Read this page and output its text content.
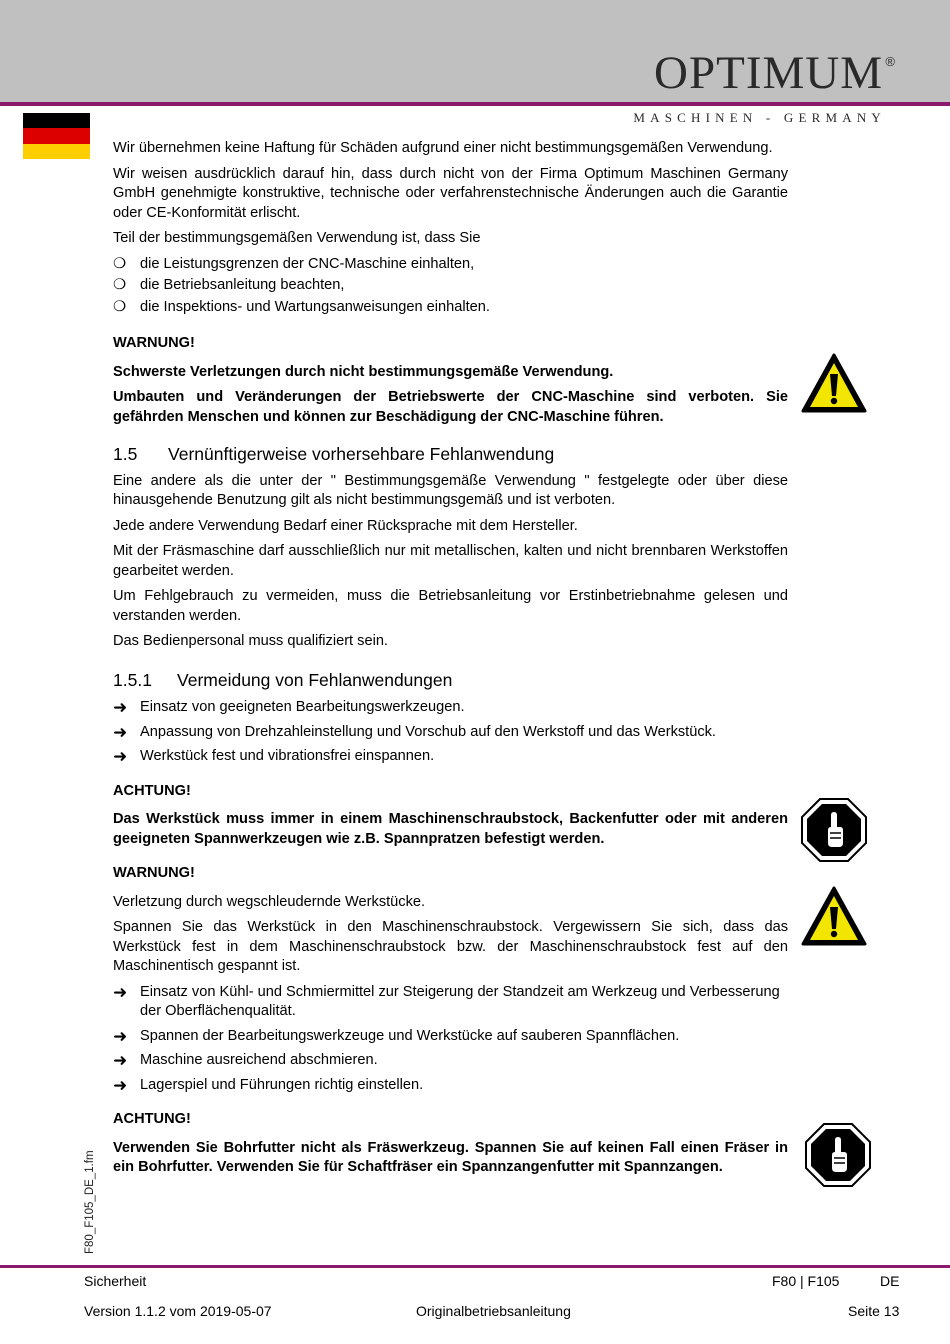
OPTIMUM ®
MASCHINEN - GERMANY
Wir übernehmen keine Haftung für Schäden aufgrund einer nicht bestimmungsgemäßen Verwendung.
Wir weisen ausdrücklich darauf hin, dass durch nicht von der Firma Optimum Maschinen Germany GmbH genehmigte konstruktive, technische oder verfahrenstechnische Änderungen auch die Garantie oder CE-Konformität erlischt.
Teil der bestimmungsgemäßen Verwendung ist, dass Sie
❍ die Leistungsgrenzen der CNC-Maschine einhalten,
❍ die Betriebsanleitung beachten,
❍ die Inspektions- und Wartungsanweisungen einhalten.
WARNUNG!
Schwerste Verletzungen durch nicht bestimmungsgemäße Verwendung.
Umbauten und Veränderungen der Betriebswerte der CNC-Maschine sind verboten. Sie gefährden Menschen und können zur Beschädigung der CNC-Maschine führen.
1.5 Vernünftigerweise vorhersehbare Fehlanwendung
Eine andere als die unter der " Bestimmungsgemäße Verwendung " festgelegte oder über diese hinausgehende Benutzung gilt als nicht bestimmungsgemäß und ist verboten.
Jede andere Verwendung Bedarf einer Rücksprache mit dem Hersteller.
Mit der Fräsmaschine darf ausschließlich nur mit metallischen, kalten und nicht brennbaren Werkstoffen gearbeitet werden.
Um Fehlgebrauch zu vermeiden, muss die Betriebsanleitung vor Erstinbetriebnahme gelesen und verstanden werden.
Das Bedienpersonal muss qualifiziert sein.
1.5.1 Vermeidung von Fehlanwendungen
➜ Einsatz von geeigneten Bearbeitungswerkzeugen.
➜ Anpassung von Drehzahleinstellung und Vorschub auf den Werkstoff und das Werkstück.
➜ Werkstück fest und vibrationsfrei einspannen.
ACHTUNG!
Das Werkstück muss immer in einem Maschinenschraubstock, Backenfutter oder mit anderen geeigneten Spannwerkzeugen wie z.B. Spannpratzen befestigt werden.
WARNUNG!
Verletzung durch wegschleudernde Werkstücke.
Spannen Sie das Werkstück in den Maschinenschraubstock. Vergewissern Sie sich, dass das Werkstück fest in dem Maschinenschraubstock bzw. der Maschinenschraubstock fest auf den Maschinentisch gespannt ist.
➜ Einsatz von Kühl- und Schmiermittel zur Steigerung der Standzeit am Werkzeug und Verbesserung der Oberflächenqualität.
➜ Spannen der Bearbeitungswerkzeuge und Werkstücke auf sauberen Spannflächen.
➜ Maschine ausreichend abschmieren.
➜ Lagerspiel und Führungen richtig einstellen.
ACHTUNG!
Verwenden Sie Bohrfutter nicht als Fräswerkzeug. Spannen Sie auf keinen Fall einen Fräser in ein Bohrfutter. Verwenden Sie für Schaftfräser ein Spannzangenfutter mit Spannzangen.
F80_F105_DE_1.fm
Sicherheit	F80 | F105	DE
Version 1.1.2 vom 2019-05-07	Originalbetriebsanleitung	Seite 13
